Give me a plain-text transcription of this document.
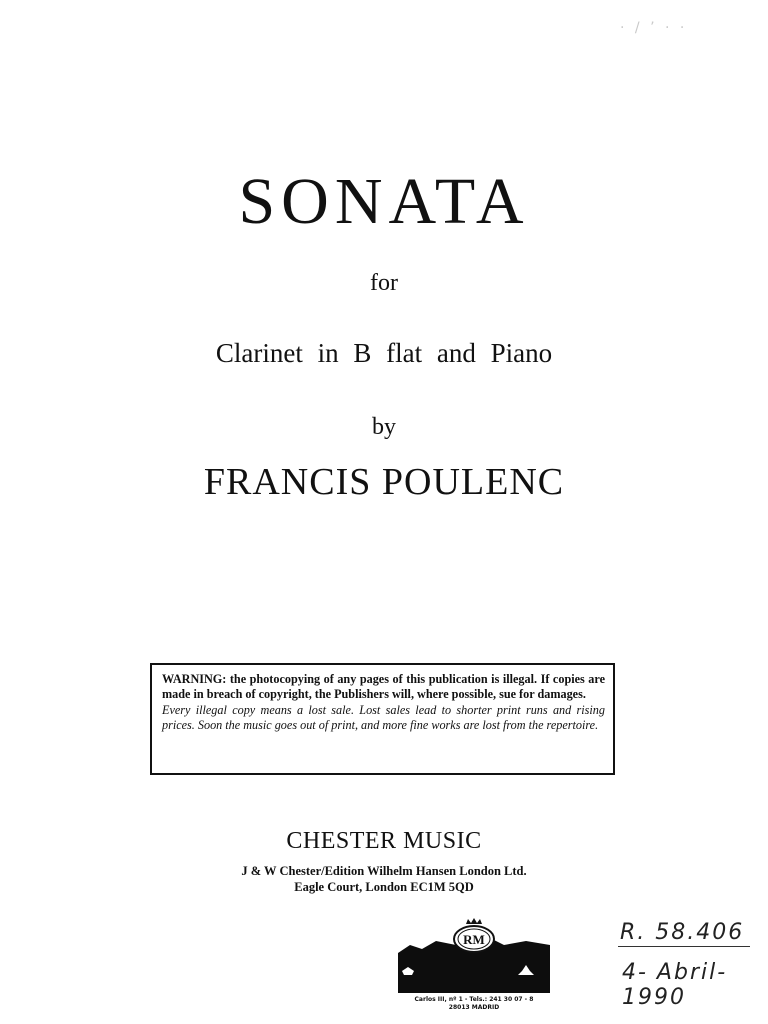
· / ’ · ·
SONATA
for
Clarinet in B flat and Piano
by
FRANCIS POULENC
WARNING: the photocopying of any pages of this publication is illegal. If copies are made in breach of copyright, the Publishers will, where possible, sue for damages.
Every illegal copy means a lost sale. Lost sales lead to shorter print runs and rising prices. Soon the music goes out of print, and more fine works are lost from the repertoire.
CHESTER MUSIC
J & W Chester/Edition Wilhelm Hansen London Ltd.
Eagle Court, London EC1M 5QD
RM
Carlos III, nº 1 - Tels.: 241 30 07 - 8
28013 MADRID
R. 58.406
4- Abril- 1990
